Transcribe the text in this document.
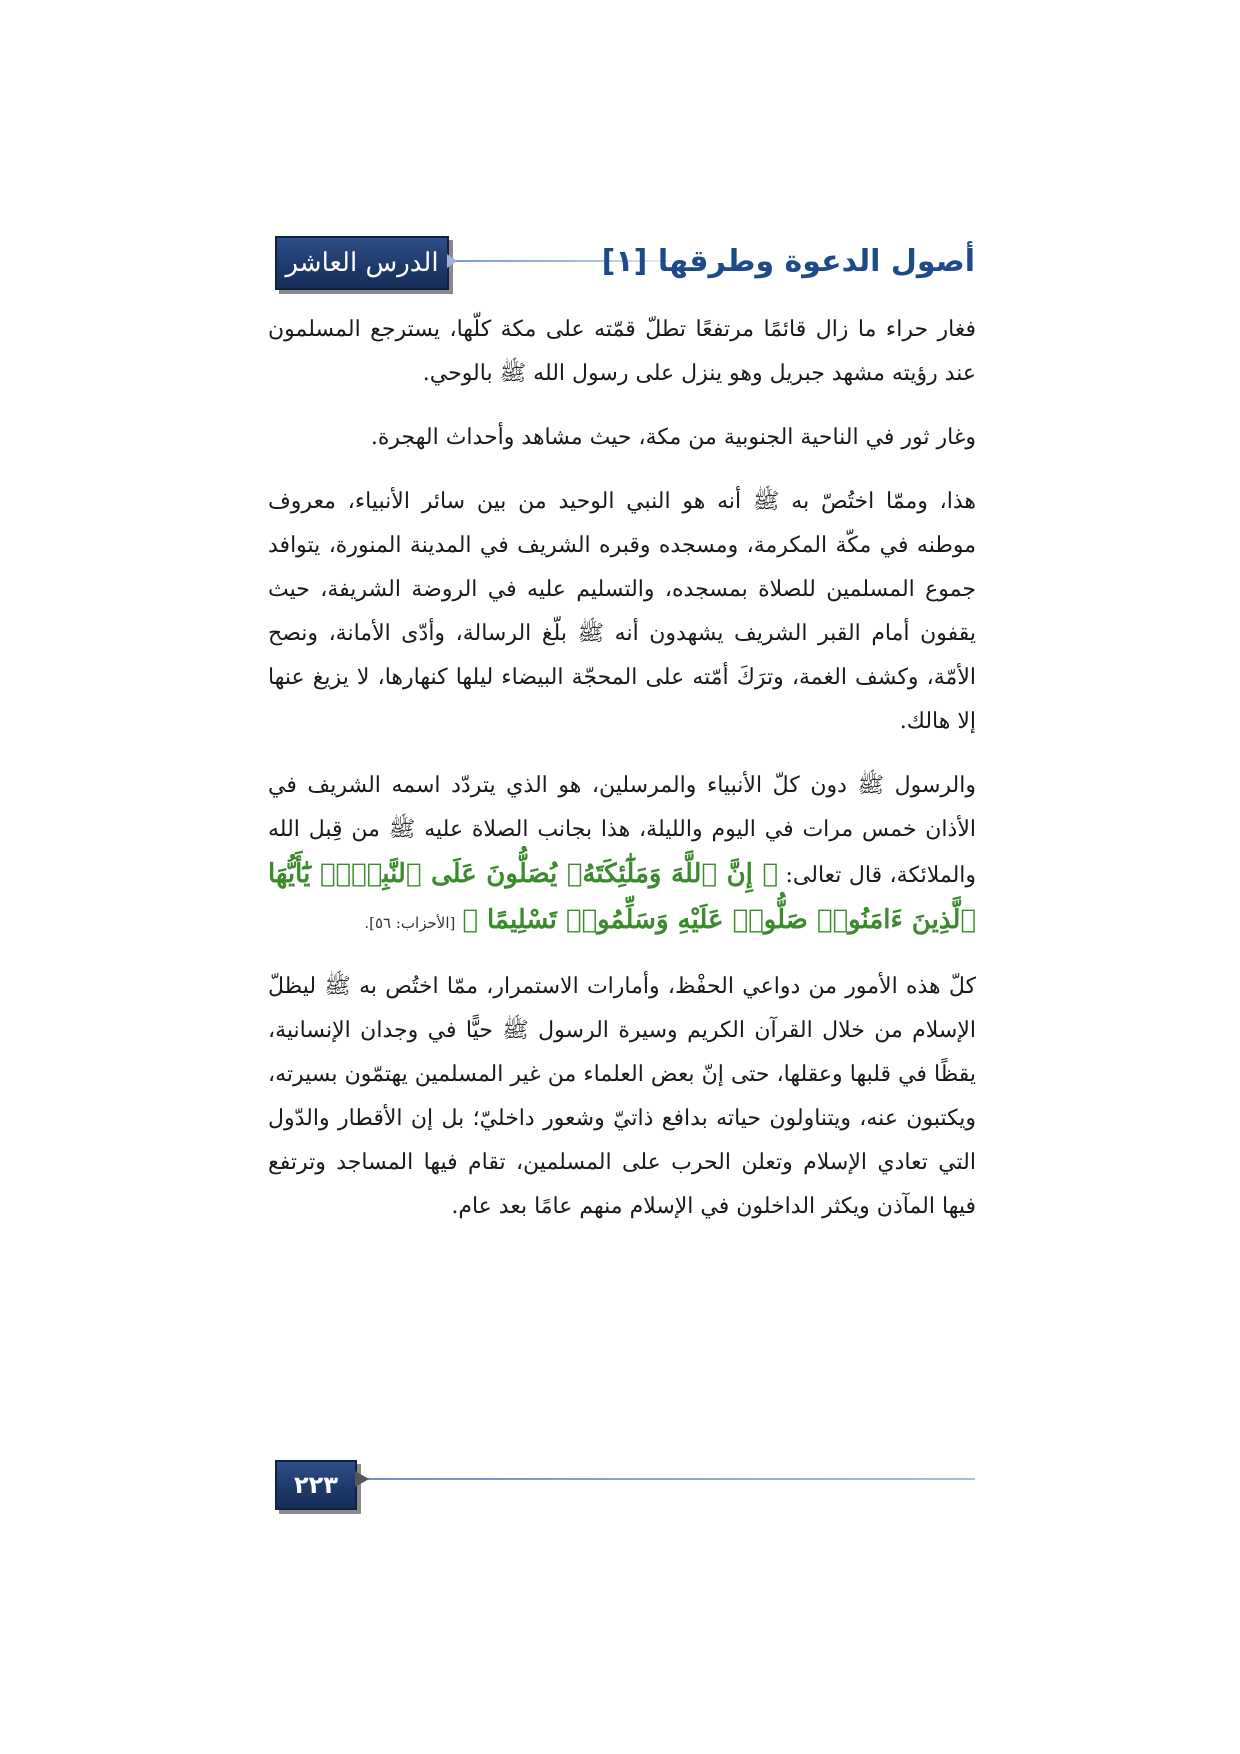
الدرس العاشر	أصول الدعوة وطرقها [١]

فغار حراء ما زال قائمًا مرتفعًا تطلّ قمّته على مكة كلّها، يسترجع المسلمون عند رؤيته مشهد جبريل وهو ينزل على رسول الله ﷺ بالوحي.

وغار ثور في الناحية الجنوبية من مكة، حيث مشاهد وأحداث الهجرة.

هذا، وممّا اختُصّ به ﷺ أنه هو النبي الوحيد من بين سائر الأنبياء، معروف موطنه في مكّة المكرمة، ومسجده وقبره الشريف في المدينة المنورة، يتوافد جموع المسلمين للصلاة بمسجده، والتسليم عليه في الروضة الشريفة، حيث يقفون أمام القبر الشريف يشهدون أنه ﷺ بلّغ الرسالة، وأدّى الأمانة، ونصح الأمّة، وكشف الغمة، وترَكَ أمّته على المحجّة البيضاء ليلها كنهارها، لا يزيغ عنها إلا هالك.

والرسول ﷺ دون كلّ الأنبياء والمرسلين، هو الذي يتردّد اسمه الشريف في الأذان خمس مرات في اليوم والليلة، هذا بجانب الصلاة عليه ﷺ من قِبل الله والملائكة، قال تعالى: ﴿ إِنَّ ٱللَّهَ وَمَلَٰٓئِكَتَهُۥ يُصَلُّونَ عَلَى ٱلنَّبِيِّۚ يَٰٓأَيُّهَا ٱلَّذِينَ ءَامَنُوا۟ صَلُّوا۟ عَلَيْهِ وَسَلِّمُوا۟ تَسْلِيمًا ﴾ [الأحزاب: ٥٦].

كلّ هذه الأمور من دواعي الحفْظ، وأمارات الاستمرار، ممّا اختُص به ﷺ ليظلّ الإسلام من خلال القرآن الكريم وسيرة الرسول ﷺ حيًّا في وجدان الإنسانية، يقظًا في قلبها وعقلها، حتى إنّ بعض العلماء من غير المسلمين يهتمّون بسيرته، ويكتبون عنه، ويتناولون حياته بدافع ذاتيّ وشعور داخليّ؛ بل إن الأقطار والدّول التي تعادي الإسلام وتعلن الحرب على المسلمين، تقام فيها المساجد وترتفع فيها المآذن ويكثر الداخلون في الإسلام منهم عامًا بعد عام.

٢٢٣
